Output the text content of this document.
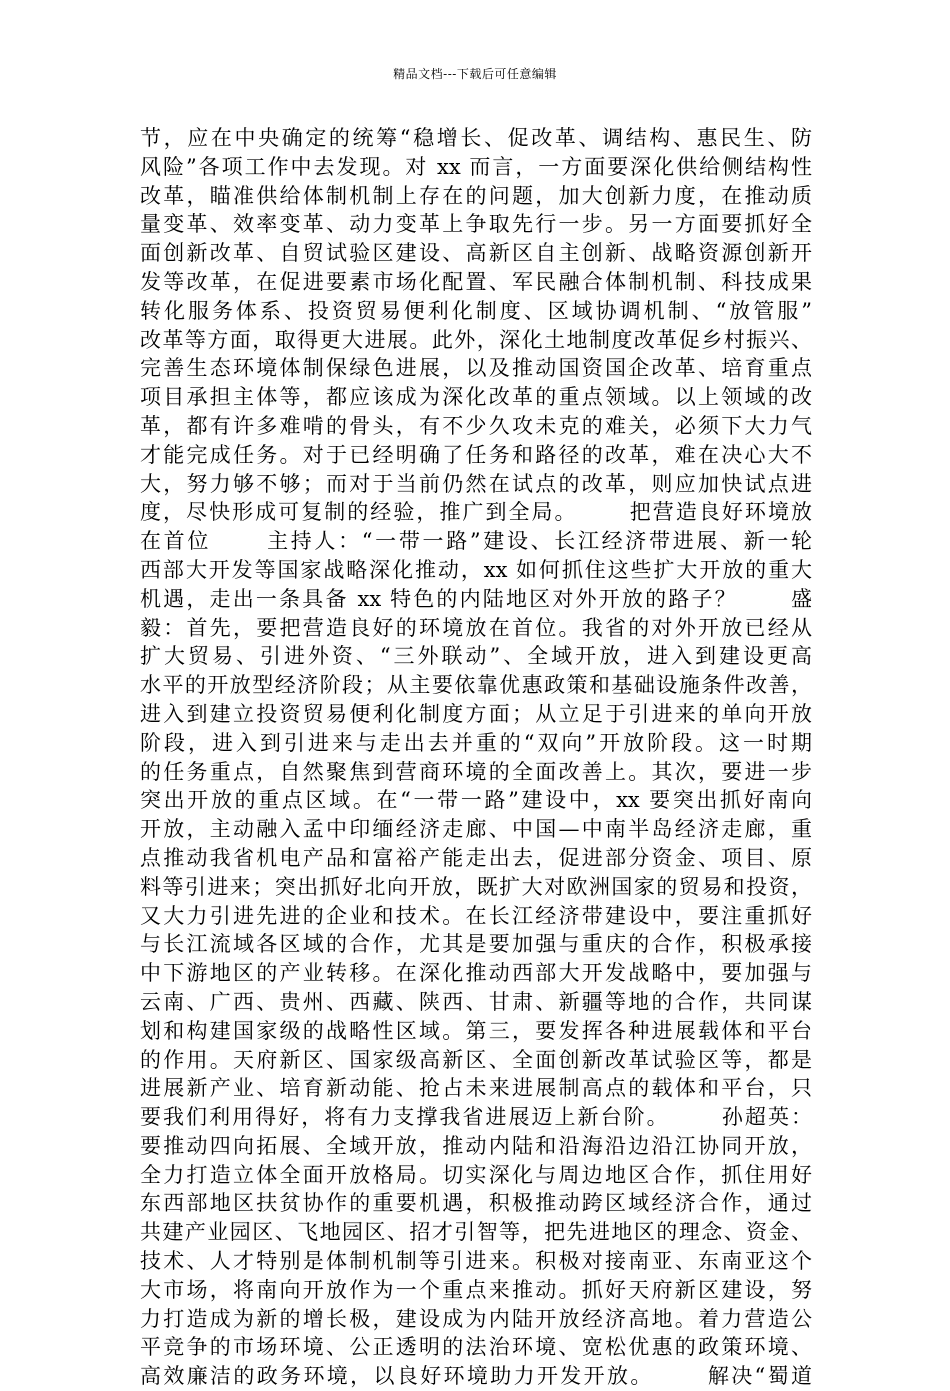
精品文档---下载后可任意编辑
节，应在中央确定的统筹“稳增长、促改革、调结构、惠民生、防
风险”各项工作中去发现。对 xx 而言，一方面要深化供给侧结构性
改革，瞄准供给体制机制上存在的问题，加大创新力度，在推动质
量变革、效率变革、动力变革上争取先行一步。另一方面要抓好全
面创新改革、自贸试验区建设、高新区自主创新、战略资源创新开
发等改革，在促进要素市场化配置、军民融合体制机制、科技成果
转化服务体系、投资贸易便利化制度、区域协调机制、“放管服”
改革等方面，取得更大进展。此外，深化土地制度改革促乡村振兴、
完善生态环境体制保绿色进展，以及推动国资国企改革、培育重点
项目承担主体等，都应该成为深化改革的重点领域。以上领域的改
革，都有许多难啃的骨头，有不少久攻未克的难关，必须下大力气
才能完成任务。对于已经明确了任务和路径的改革，难在决心大不
大，努力够不够；而对于当前仍然在试点的改革，则应加快试点进
度，尽快形成可复制的经验，推广到全局。      把营造良好环境放
在首位      主持人：“一带一路”建设、长江经济带进展、新一轮
西部大开发等国家战略深化推动，xx 如何抓住这些扩大开放的重大
机遇，走出一条具备 xx 特色的内陆地区对外开放的路子？      盛
毅：首先，要把营造良好的环境放在首位。我省的对外开放已经从
扩大贸易、引进外资、“三外联动”、全域开放，进入到建设更高
水平的开放型经济阶段；从主要依靠优惠政策和基础设施条件改善，
进入到建立投资贸易便利化制度方面；从立足于引进来的单向开放
阶段，进入到引进来与走出去并重的“双向”开放阶段。这一时期
的任务重点，自然聚焦到营商环境的全面改善上。其次，要进一步
突出开放的重点区域。在“一带一路”建设中，xx 要突出抓好南向
开放，主动融入孟中印缅经济走廊、中国—中南半岛经济走廊，重
点推动我省机电产品和富裕产能走出去，促进部分资金、项目、原
料等引进来；突出抓好北向开放，既扩大对欧洲国家的贸易和投资，
又大力引进先进的企业和技术。在长江经济带建设中，要注重抓好
与长江流域各区域的合作，尤其是要加强与重庆的合作，积极承接
中下游地区的产业转移。在深化推动西部大开发战略中，要加强与
云南、广西、贵州、西藏、陕西、甘肃、新疆等地的合作，共同谋
划和构建国家级的战略性区域。第三，要发挥各种进展载体和平台
的作用。天府新区、国家级高新区、全面创新改革试验区等，都是
进展新产业、培育新动能、抢占未来进展制高点的载体和平台，只
要我们利用得好，将有力支撑我省进展迈上新台阶。      孙超英：
要推动四向拓展、全域开放，推动内陆和沿海沿边沿江协同开放，
全力打造立体全面开放格局。切实深化与周边地区合作，抓住用好
东西部地区扶贫协作的重要机遇，积极推动跨区域经济合作，通过
共建产业园区、飞地园区、招才引智等，把先进地区的理念、资金、
技术、人才特别是体制机制等引进来。积极对接南亚、东南亚这个
大市场，将南向开放作为一个重点来推动。抓好天府新区建设，努
力打造成为新的增长极，建设成为内陆开放经济高地。着力营造公
平竞争的市场环境、公正透明的法治环境、宽松优惠的政策环境、
高效廉洁的政务环境，以良好环境助力开发开放。      解决“蜀道
